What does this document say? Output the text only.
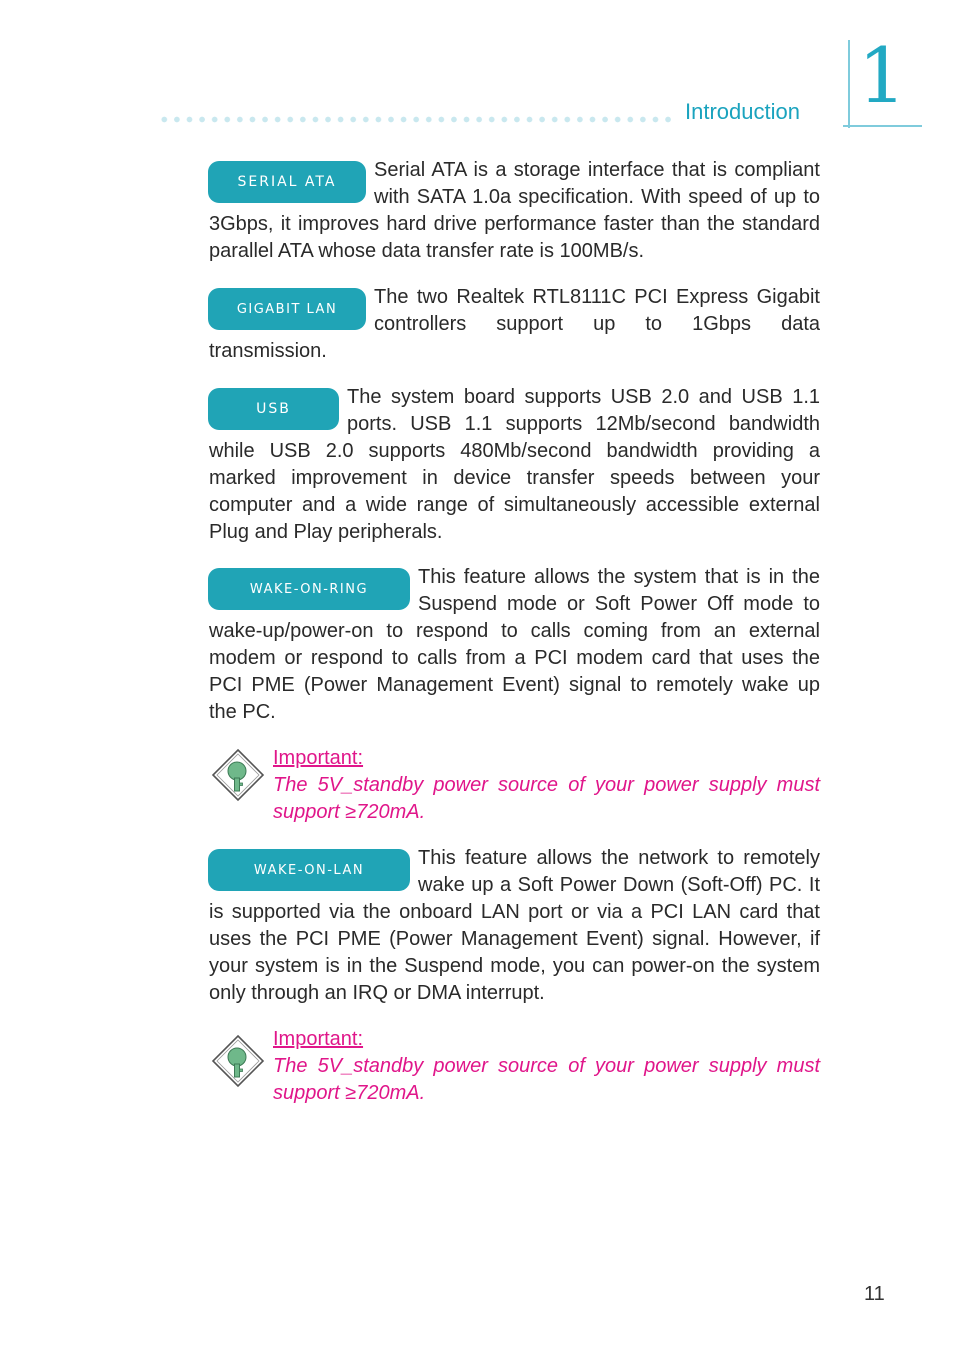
Introduction 1
SERIAL ATA
Serial ATA is a storage interface that is compliant with SATA 1.0a specification. With speed of up to 3Gbps, it improves hard drive performance faster than the standard parallel ATA whose data transfer rate is 100MB/s.
GIGABIT LAN
The two Realtek RTL8111C PCI Express Gigabit controllers support up to 1Gbps data transmission.
USB
The system board supports USB 2.0 and USB 1.1 ports. USB 1.1 supports 12Mb/second bandwidth while USB 2.0 supports 480Mb/second bandwidth providing a marked improvement in device transfer speeds between your computer and a wide range of simultaneously accessible external Plug and Play peripherals.
WAKE-ON-RING
This feature allows the system that is in the Suspend mode or Soft Power Off mode to wake-up/power-on to respond to calls coming from an external modem or respond to calls from a PCI modem card that uses the PCI PME (Power Management Event) signal to remotely wake up the PC.
Important:
The 5V_standby power source of your power supply must support ≥720mA.
WAKE-ON-LAN
This feature allows the network to remotely wake up a Soft Power Down (Soft-Off) PC. It is supported via the onboard LAN port or via a PCI LAN card that uses the PCI PME (Power Management Event) signal. However, if your system is in the Suspend mode, you can power-on the system only through an IRQ or DMA interrupt.
Important:
The 5V_standby power source of your power supply must support ≥720mA.
11
